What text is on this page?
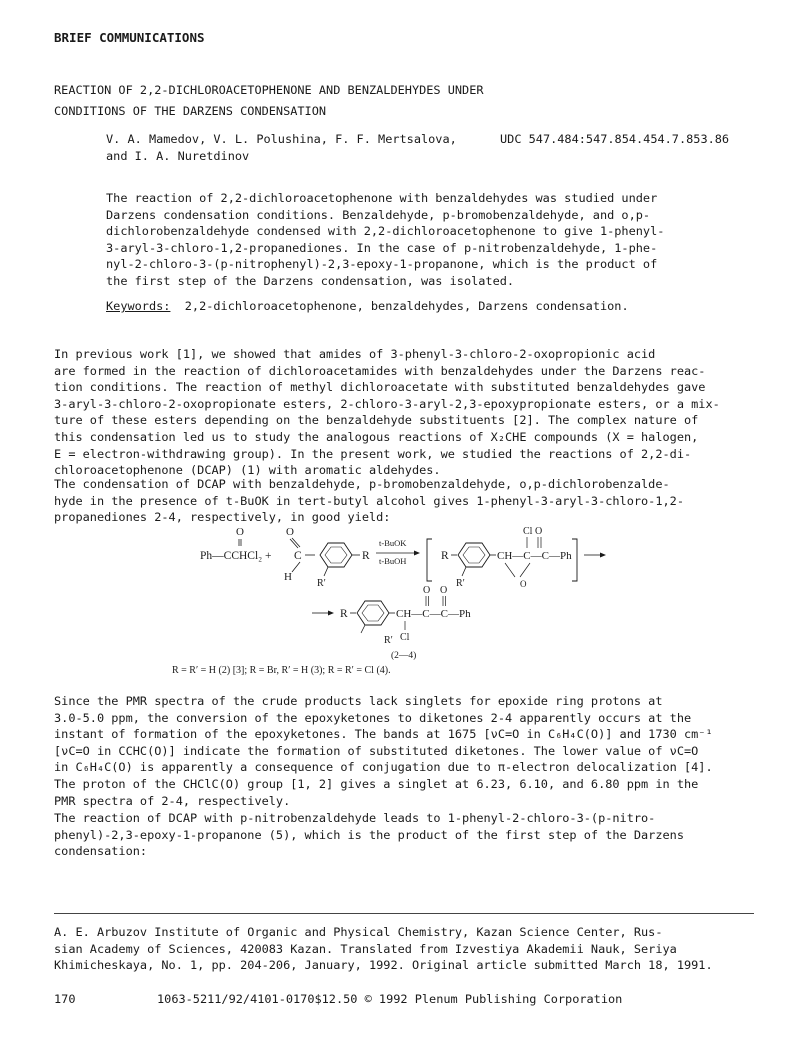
BRIEF COMMUNICATIONS
REACTION OF 2,2-DICHLOROACETOPHENONE AND BENZALDEHYDES UNDER
CONDITIONS OF THE DARZENS CONDENSATION
V. A. Mamedov, V. L. Polushina, F. F. Mertsalova,
and I. A. Nuretdinov
UDC 547.484:547.854.454.7.853.86
The reaction of 2,2-dichloroacetophenone with benzaldehydes was studied under
Darzens condensation conditions. Benzaldehyde, p-bromobenzaldehyde, and o,p-
dichlorobenzaldehyde condensed with 2,2-dichloroacetophenone to give 1-phenyl-
3-aryl-3-chloro-1,2-propanediones. In the case of p-nitrobenzaldehyde, 1-phe-
nyl-2-chloro-3-(p-nitrophenyl)-2,3-epoxy-1-propanone, which is the product of
the first step of the Darzens condensation, was isolated.
Keywords: 2,2-dichloroacetophenone, benzaldehydes, Darzens condensation.
In previous work [1], we showed that amides of 3-phenyl-3-chloro-2-oxopropionic acid
are formed in the reaction of dichloroacetamides with benzaldehydes under the Darzens reac-
tion conditions. The reaction of methyl dichloroacetate with substituted benzaldehydes gave
3-aryl-3-chloro-2-oxopropionate esters, 2-chloro-3-aryl-2,3-epoxypropionate esters, or a mix-
ture of these esters depending on the benzaldehyde substituents [2]. The complex nature of
this condensation led us to study the analogous reactions of X₂CHE compounds (X = halogen,
E = electron-withdrawing group). In the present work, we studied the reactions of 2,2-di-
chloroacetophenone (DCAP) (1) with aromatic aldehydes.
The condensation of DCAP with benzaldehyde, p-bromobenzaldehyde, o,p-dichlorobenzalde-
hyde in the presence of t-BuOK in tert-butyl alcohol gives 1-phenyl-3-aryl-3-chloro-1,2-
propanediones 2-4, respectively, in good yield:
O
Ph—CCHCl₂ +
O
C
H
R
R′
t-BuOK
t-BuOH	R	CH—C—C—Ph
Cl O
O
R′
R	CH—C—C—Ph
O O
Cl
R′
(2—4)
R = R′ = H (2) [3]; R = Br, R′ = H (3); R = R′ = Cl (4).
Since the PMR spectra of the crude products lack singlets for epoxide ring protons at
3.0-5.0 ppm, the conversion of the epoxyketones to diketones 2-4 apparently occurs at the
instant of formation of the epoxyketones. The bands at 1675 [νC=O in C₆H₄C(O)] and 1730 cm⁻¹
[νC=O in CCHC(O)] indicate the formation of substituted diketones. The lower value of νC=O
in C₆H₄C(O) is apparently a consequence of conjugation due to π-electron delocalization [4].
The proton of the CHClC(O) group [1, 2] gives a singlet at 6.23, 6.10, and 6.80 ppm in the
PMR spectra of 2-4, respectively.
The reaction of DCAP with p-nitrobenzaldehyde leads to 1-phenyl-2-chloro-3-(p-nitro-
phenyl)-2,3-epoxy-1-propanone (5), which is the product of the first step of the Darzens
condensation:
A. E. Arbuzov Institute of Organic and Physical Chemistry, Kazan Science Center, Rus-
sian Academy of Sciences, 420083 Kazan. Translated from Izvestiya Akademii Nauk, Seriya
Khimicheskaya, No. 1, pp. 204-206, January, 1992. Original article submitted March 18, 1991.
170	1063-5211/92/4101-0170$12.50 © 1992 Plenum Publishing Corporation
